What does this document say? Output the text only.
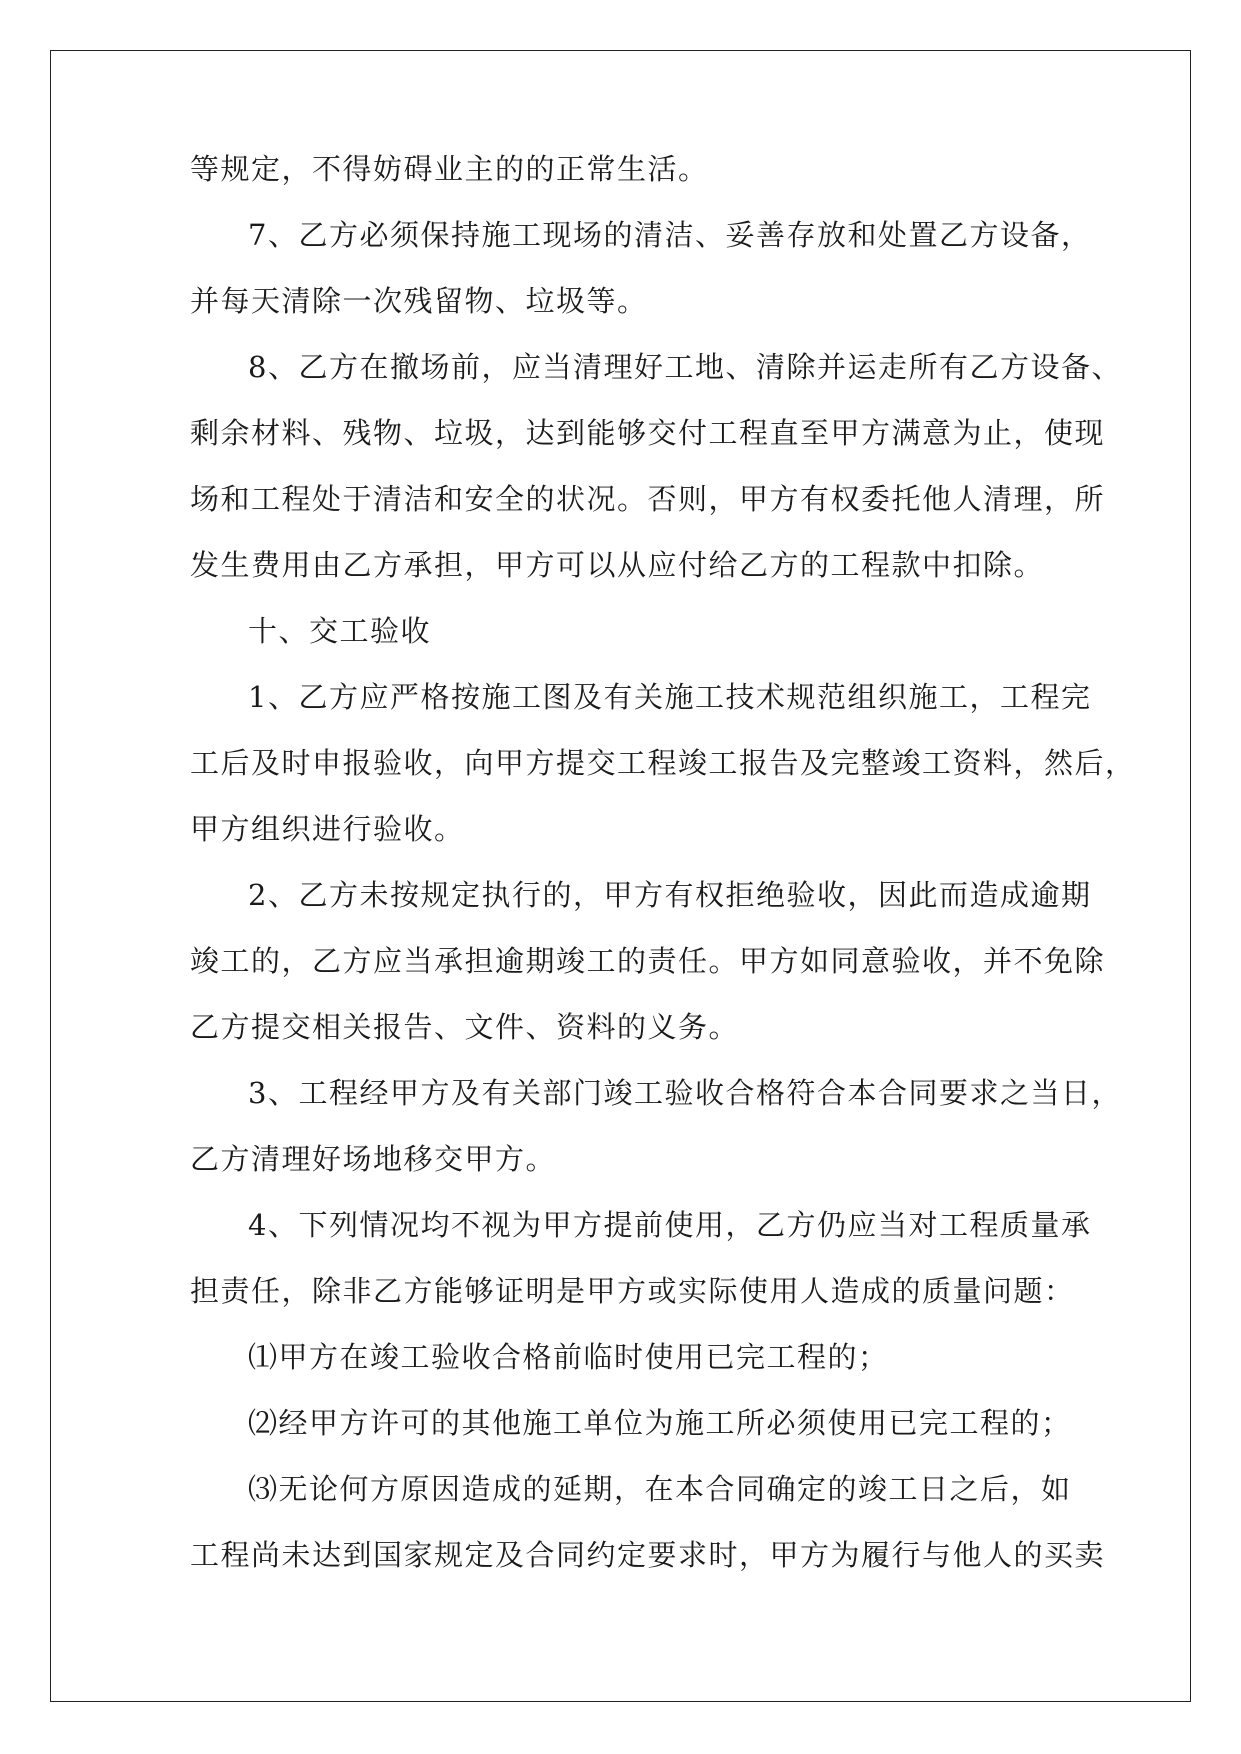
等规定，不得妨碍业主的的正常生活。
7、乙方必须保持施工现场的清洁、妥善存放和处置乙方设备，
并每天清除一次残留物、垃圾等。
8、乙方在撤场前，应当清理好工地、清除并运走所有乙方设备、
剩余材料、残物、垃圾，达到能够交付工程直至甲方满意为止，使现
场和工程处于清洁和安全的状况。否则，甲方有权委托他人清理，所
发生费用由乙方承担，甲方可以从应付给乙方的工程款中扣除。
十、交工验收
1、乙方应严格按施工图及有关施工技术规范组织施工，工程完
工后及时申报验收，向甲方提交工程竣工报告及完整竣工资料，然后，
甲方组织进行验收。
2、乙方未按规定执行的，甲方有权拒绝验收，因此而造成逾期
竣工的，乙方应当承担逾期竣工的责任。甲方如同意验收，并不免除
乙方提交相关报告、文件、资料的义务。
3、工程经甲方及有关部门竣工验收合格符合本合同要求之当日，
乙方清理好场地移交甲方。
4、下列情况均不视为甲方提前使用，乙方仍应当对工程质量承
担责任，除非乙方能够证明是甲方或实际使用人造成的质量问题：
⑴甲方在竣工验收合格前临时使用已完工程的；
⑵经甲方许可的其他施工单位为施工所必须使用已完工程的；
⑶无论何方原因造成的延期，在本合同确定的竣工日之后，如
工程尚未达到国家规定及合同约定要求时，甲方为履行与他人的买卖
